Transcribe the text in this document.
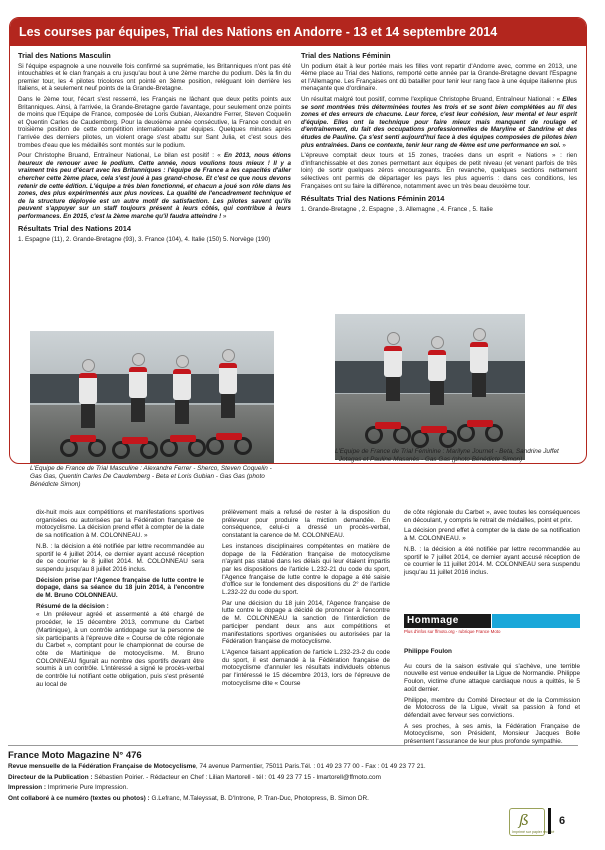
Les courses par équipes, Trial des Nations en Andorre - 13 et 14 septembre 2014
Trial des Nations Masculin

Si l'équipe espagnole a une nouvelle fois confirmé sa suprématie, les Britanniques n'ont pas été intouchables et le clan français a cru jusqu'au bout à une 2ème marche du podium. Dès la fin du premier tour, les 4 pilotes tricolores ont pointé en 3ème position, reléguant loin derrière les Italiens, et à seulement neuf points de la Grande-Bretagne.

Dans le 2ème tour, l'écart s'est resserré, les Français ne lâchant que deux petits points aux Britanniques. Ainsi, à l'arrivée, la Grande-Bretagne garde l'avantage, pour seulement onze points de moins que l'Equipe de France, composée de Loris Gubian, Alexandre Ferrer, Steven Coquelin et Quentin Carles de Caudemborg. Pour la deuxième année consécutive, la France conduit en troisième position de cette compétition internationale par équipes. Quelques minutes après l'arrivée des derniers pilotes, un violent orage s'est abattu sur Sant Julia, et c'est sous des trombes d'eau que les médaillés sont montés sur le podium.

Pour Christophe Bruand, Entraîneur National, Le bilan est positif : « En 2013, nous étions heureux de renouer avec le podium. Cette année, nous voulions tous mieux ! Il y a vraiment très peu d'écart avec les Britanniques : l'équipe de France a les capacités d'aller chercher cette 2ème place, cela s'est joué à pas grand-chose. Et c'est ce que nous devons retenir de cette édition. L'équipe a très bien fonctionné, et chacun a joué son rôle dans les zones, des plus expérimentés aux plus novices. La qualité de l'encadrement technique et de la structure déployée est un autre motif de satisfaction. Les pilotes savent qu'ils peuvent s'appuyer sur un staff toujours présent à leurs côtés, qui contribue à leurs performances. En 2015, c'est la 2ème marche qu'il faudra atteindre ! »

Résultats Trial des Nations 2014

1. Espagne (11), 2. Grande-Bretagne (93), 3. France (104), 4. Italie (150) 5. Norvège (190)

Trial des Nations Féminin

Un podium était à leur portée mais les filles vont repartir d'Andorre avec, comme en 2013, une 4ème place au Trial des Nations, remporté cette année par la Grande-Bretagne devant l'Espagne et l'Allemagne. Les Françaises ont dû batailler pour tenir leur rang face à une équipe italienne plus menaçante que d'ordinaire.

Un résultat malgré tout positif, comme l'explique Christophe Bruand, Entraîneur National : « Elles se sont montrées très déterminées toutes les trois et se sont bien complétées au fil des zones et des erreurs de chacune. Leur force, c'est leur cohésion, leur mental et leur esprit d'équipe. Elles ont la technique pour faire mieux mais manquent de roulage et d'entraînement, du fait des occupations professionnelles de Maryline et Sandrine et des études de Pauline. Ça s'est senti aujourd'hui face à des équipes composées de pilotes bien plus entraînées. Dans ce contexte, tenir leur rang de 4ème est une performance en soi. »

L'épreuve comptait deux tours et 15 zones, tracées dans un esprit « Nations » : rien d'infranchissable et des zones permettant aux équipes de petit niveau (et venant parfois de très loin) de sortir quelques zéros encourageants. En revanche, quelques sections nettement sélectives ont permis de départager les pays les plus aguerris : dans ces conditions, les Françaises ont su faire la différence, notamment avec un très beau deuxième tour.

Résultats Trial des Nations Féminin 2014

1. Grande-Bretagne , 2. Espagne , 3. Allemagne , 4. France , 5. Italie

L'Equipe de France de Trial Masculine : Alexandre Ferrer - Sherco, Steven Coquelin - Gas Gas, Quentin Carles De Caudemberg - Beta et Loris Gubian - Gas Gas (photo Bénédicte Simon)
L'Equipe de France de Trial Féminine : Marilyne Journet - Beta, Sandrine Juffet - Jotagas et Pauline Masanès - Gas Gas (photo Bénédicte Simon)

dix-huit mois aux compétitions et manifestations sportives organisées ou autorisées par la Fédération française de motocyclisme. La décision prend effet à compter de la date de sa notification à M. COLONNEAU. »

N.B. : la décision a été notifiée par lettre recommandée au sportif le 4 juillet 2014, ce dernier ayant accusé réception de ce courrier le 8 juillet 2014. M. COLONNEAU sera suspendu jusqu'au 8 juillet 2016 inclus.

Décision prise par l'Agence française de lutte contre le dopage, dans sa séance du 18 juin 2014, à l'encontre de M. Bruno COLONNEAU.

Résumé de la décision :

« Un préleveur agréé et assermenté a été chargé de procéder, le 15 décembre 2013, commune du Carbet (Martinique), à un contrôle antidopage sur la personne de six participants à l'épreuve dite « Course de côte régionale du Carbet », comptant pour le championnat de course de côte de Martinique de motocyclisme. M. Bruno COLONNEAU figurait au nombre des sportifs devant être soumis à un contrôle. L'intéressé a signé le procès-verbal de contrôle lui notifiant cette obligation, puis s'est présenté au local de

prélèvement mais a refusé de rester à la disposition du préleveur pour produire la miction demandée. En conséquence, celui-ci a dressé un procès-verbal, constatant la carence de M. COLONNEAU.

Les instances disciplinaires compétentes en matière de dopage de la Fédération française de motocyclisme n'ayant pas statué dans les délais qui leur étaient impartis par les dispositions de l'article L.232-21 du code du sport, l'Agence française de lutte contre le dopage a été saisie d'office sur le fondement des dispositions du 2° de l'article L.232-22 du code du sport.

Par une décision du 18 juin 2014, l'Agence française de lutte contre le dopage a décidé de prononcer à l'encontre de M. COLONNEAU la sanction de l'interdiction de participer pendant deux ans aux compétitions et manifestations sportives organisées ou autorisées par la Fédération française de motocyclisme.

L'Agence faisant application de l'article L.232-23-2 du code du sport, il est demandé à la Fédération française de motocyclisme d'annuler les résultats individuels obtenus par l'intéressé le 15 décembre 2013, lors de l'épreuve de motocyclisme dite « Course

de côte régionale du Carbet », avec toutes les conséquences en découlant, y compris le retrait de médailles, point et prix.

La décision prend effet à compter de la date de sa notification à M. COLONNEAU. »

N.B. : la décision a été notifiée par lettre recommandée au sportif le 7 juillet 2014, ce dernier ayant accusé réception de ce courrier le 11 juillet 2014. M. COLONNEAU sera suspendu jusqu'au 11 juillet 2016 inclus.

Hommage
Plus d'infos sur ffmoto.org - rubrique France Moto

Philippe Foulon

Au cours de la saison estivale qui s'achève, une terrible nouvelle est venue endeuiller la Ligue de Normandie. Philippe Foulon, victime d'une attaque cardiaque nous a quittés, le 5 août dernier.

Philippe, membre du Comité Directeur et de la Commission de Motocross de la Ligue, vivait sa passion à fond et défendait avec ferveur ses convictions.

A ses proches, à ses amis, la Fédération Française de Motocyclisme, son Président, Monsieur Jacques Bolle présentent l'assurance de leur plus profonde sympathie.

France Moto Magazine N° 476
Revue mensuelle de la Fédération Française de Motocyclisme, 74 avenue Parmentier, 75011 Paris.Tél. : 01 49 23 77 00 - Fax : 01 49 23 77 21.
Directeur de la Publication : Sébastien Poirier. - Rédacteur en Chef : Lilian Martorell - tél : 01 49 23 77 15 - lmartorell@ffmoto.com
Impression : Imprimerie Pure Impression.
Ont collaboré à ce numéro (textes ou photos) : G.Lefranc, M.Taleyssat, B. D'Introne, P. Tran-Duc, Photopress, B. Simon DR.
ß
Imprimé sur papier recyclé
6
